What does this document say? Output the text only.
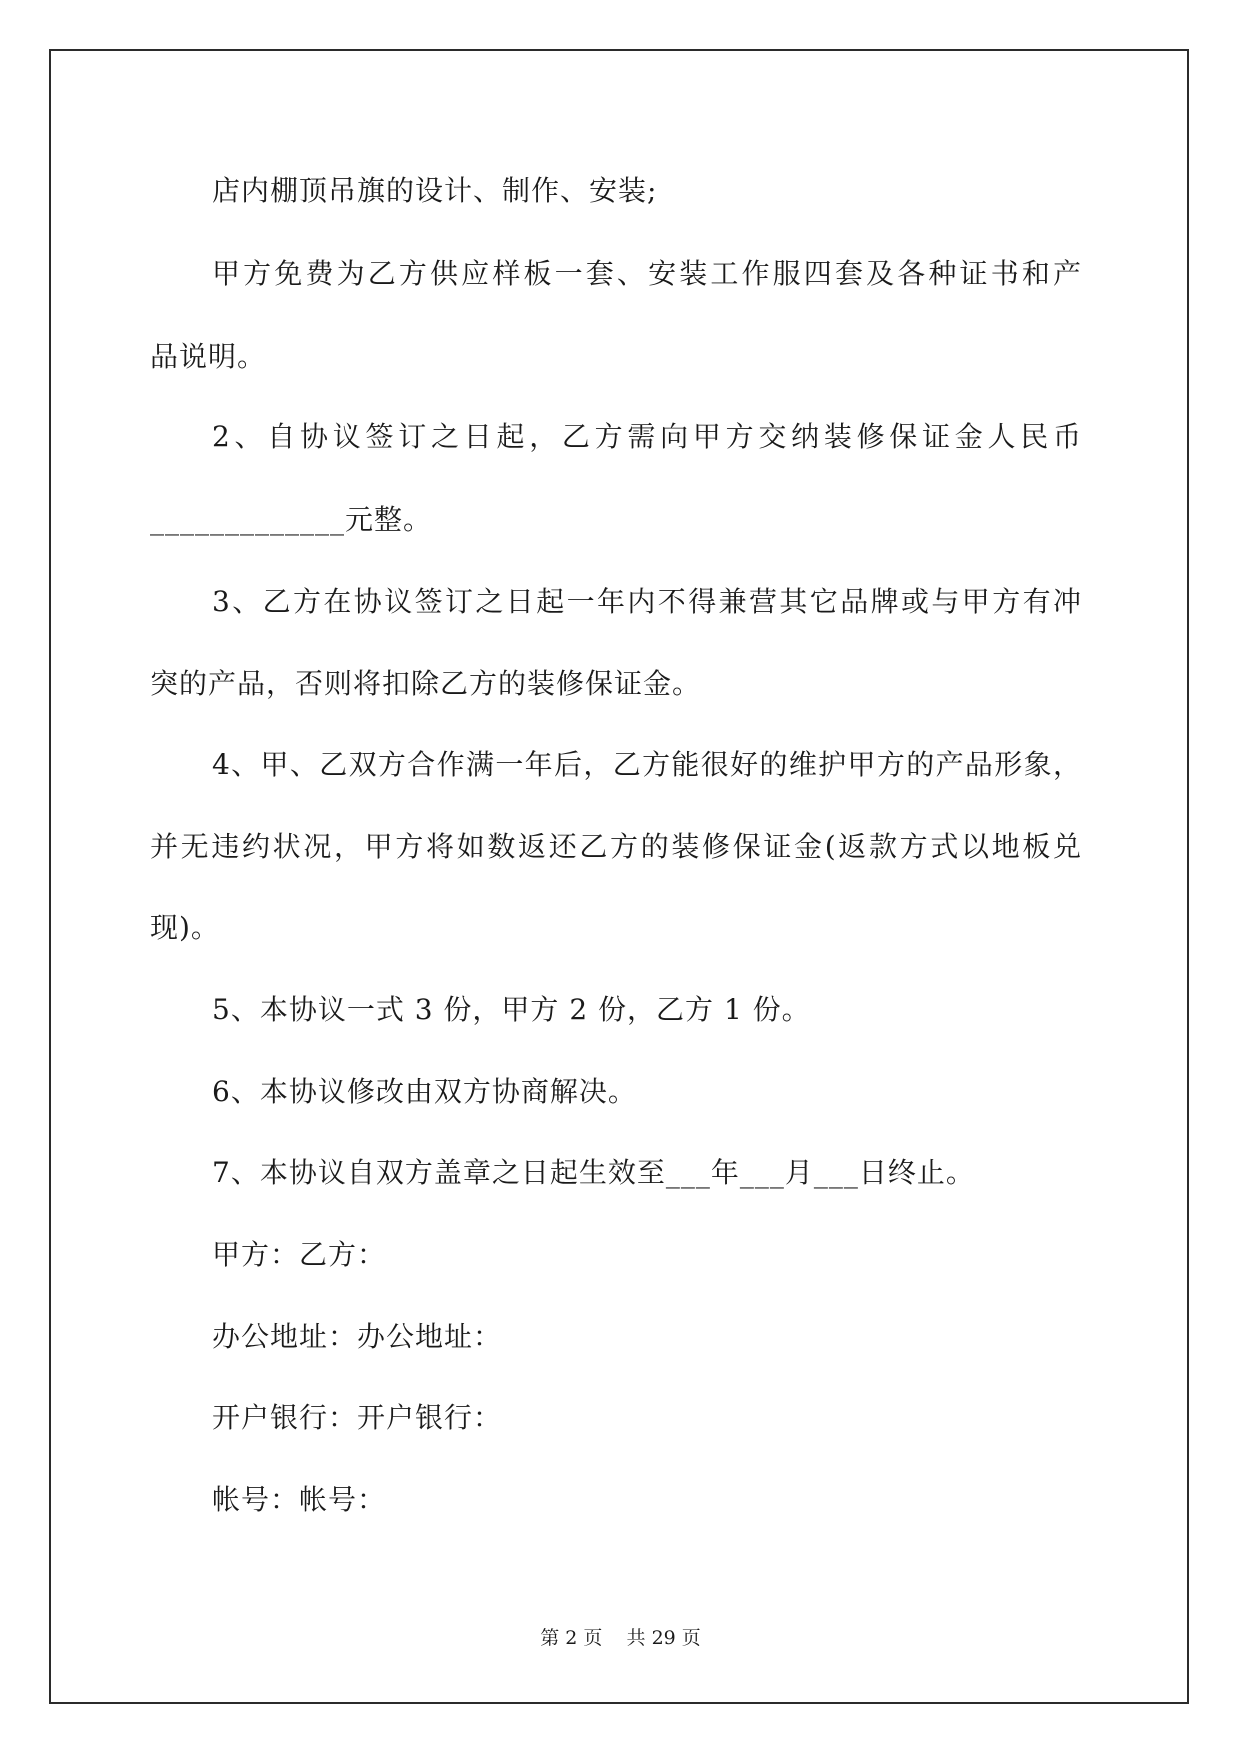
店内棚顶吊旗的设计、制作、安装;
甲方免费为乙方供应样板一套、安装工作服四套及各种证书和产
品说明。
2、自协议签订之日起，乙方需向甲方交纳装修保证金人民币
_____________元整。
3、乙方在协议签订之日起一年内不得兼营其它品牌或与甲方有冲
突的产品，否则将扣除乙方的装修保证金。
4、甲、乙双方合作满一年后，乙方能很好的维护甲方的产品形象，
并无违约状况，甲方将如数返还乙方的装修保证金(返款方式以地板兑
现)。
5、本协议一式 3 份，甲方 2 份，乙方 1 份。
6、本协议修改由双方协商解决。
7、本协议自双方盖章之日起生效至___年___月___日终止。
甲方：乙方：
办公地址：办公地址：
开户银行：开户银行：
帐号：帐号：
第 2 页    共 29 页
